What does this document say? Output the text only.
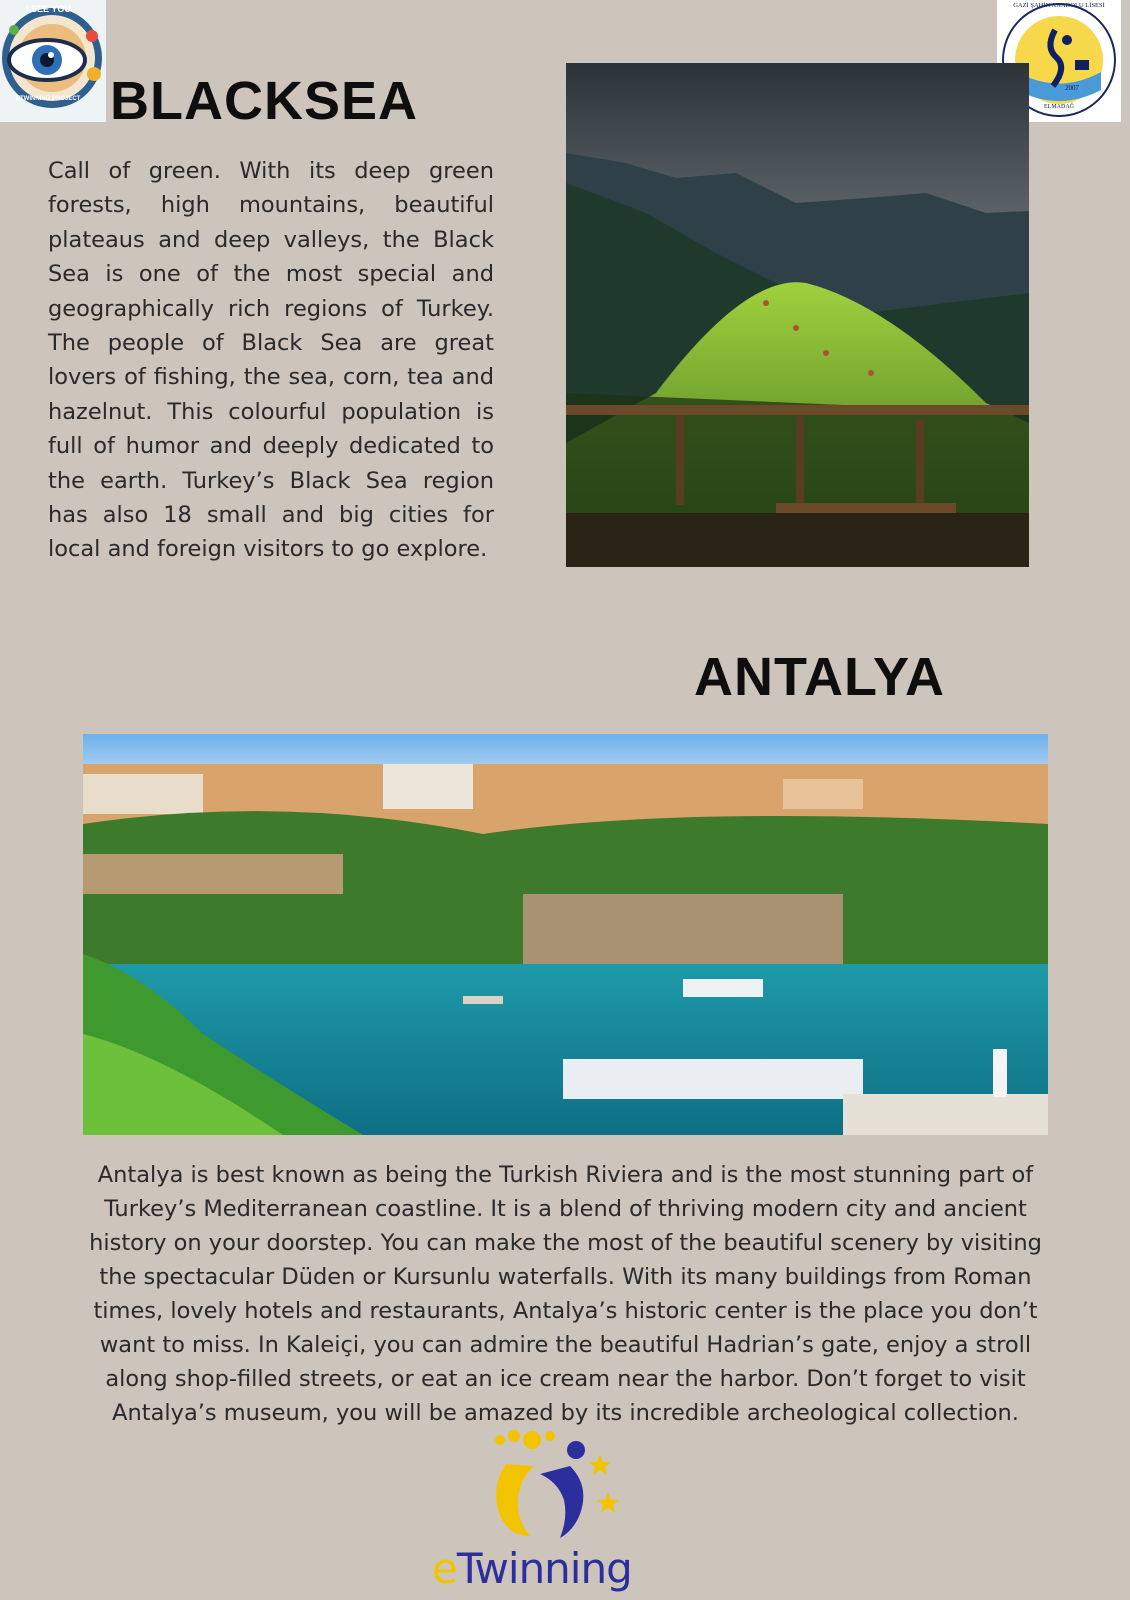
I SEE YOU
ETWINNING PROJECT
GAZİ ŞAHİN ANADOLU LİSESİ
2007
ELMADAĞ
BLACKSEA

Call of green. With its deep green forests, high mountains, beautiful plateaus and deep valleys, the Black Sea is one of the most special and geographically rich regions of Turkey. The people of Black Sea are great lovers of fishing, the sea, corn, tea and hazelnut. This colourful population is full of humor and deeply dedicated to the earth. Turkey’s Black Sea region has also 18 small and big cities for local and foreign visitors to go explore.

ANTALYA

Antalya is best known as being the Turkish Riviera and is the most stunning part of Turkey’s Mediterranean coastline. It is a blend of thriving modern city and ancient history on your doorstep. You can make the most of the beautiful scenery by visiting the spectacular Düden or Kursunlu waterfalls. With its many buildings from Roman times, lovely hotels and restaurants, Antalya’s historic center is the place you don’t want to miss. In Kaleiçi, you can admire the beautiful Hadrian’s gate, enjoy a stroll along shop-filled streets, or eat an ice cream near the harbor. Don’t forget to visit Antalya’s museum, you will be amazed by its incredible archeological collection.

eTwinning
